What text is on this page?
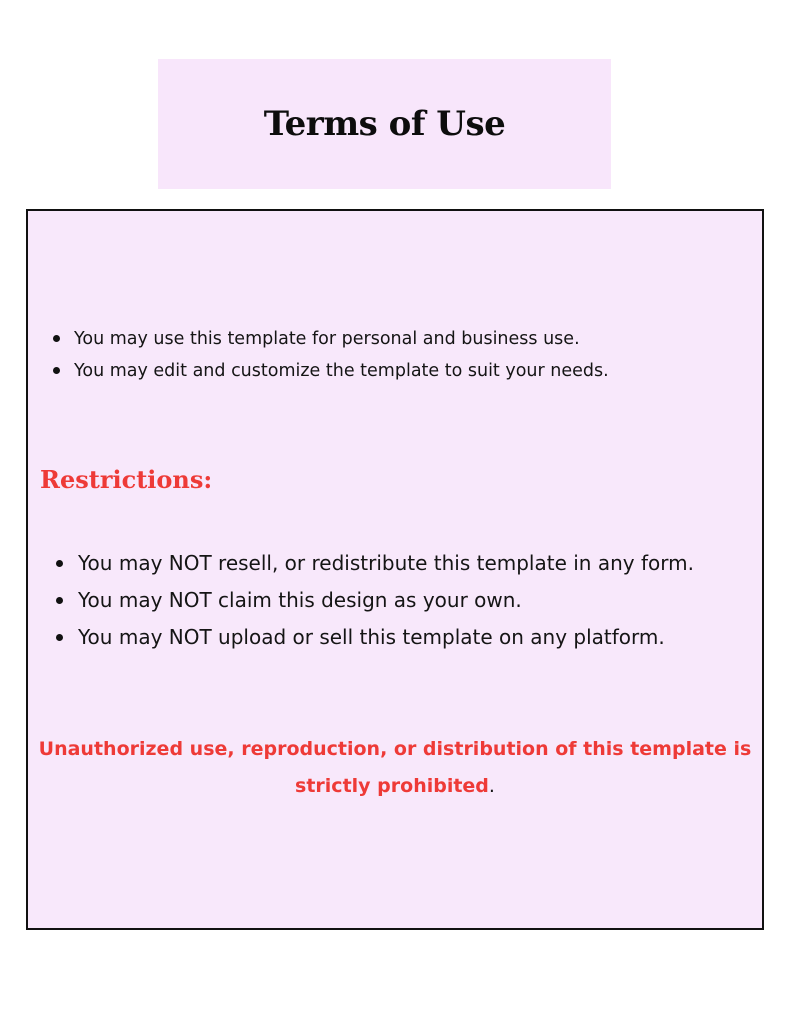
Terms of Use
You may use this template for personal and business use.
You may edit and customize the template to suit your needs.
Restrictions:
You may NOT resell, or redistribute this template in any form.
You may NOT claim this design as your own.
You may NOT upload or sell this template on any platform.

Unauthorized use, reproduction, or distribution of this template is
strictly prohibited.
